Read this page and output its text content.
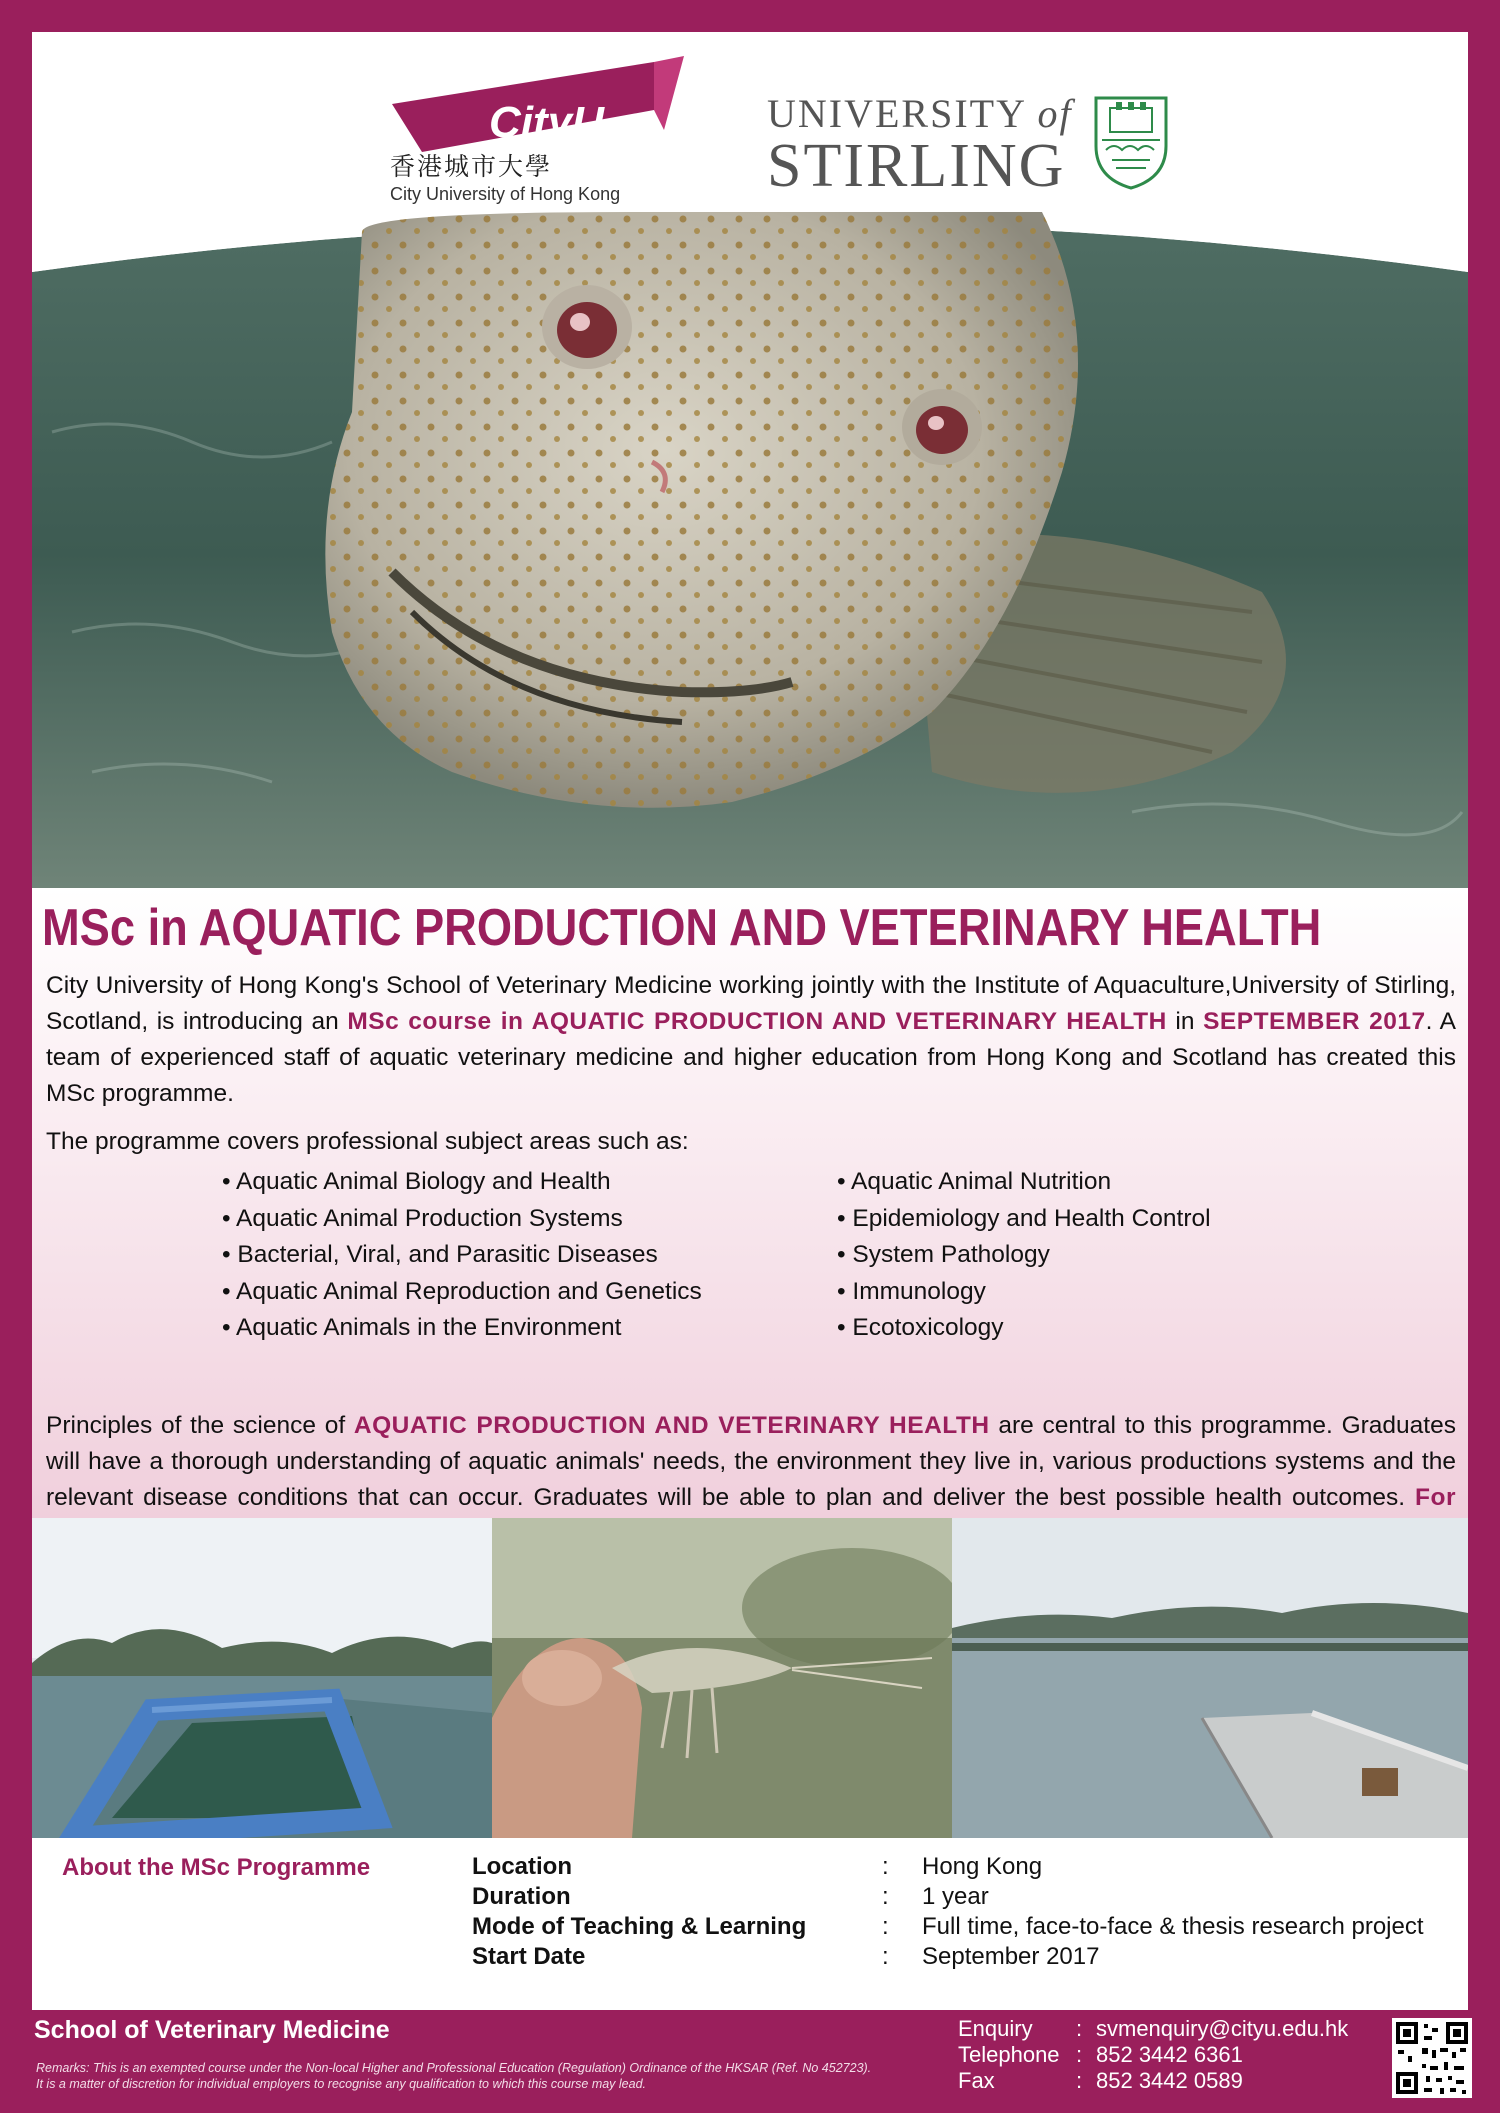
CityU
香港城市大學
City University of Hong Kong
UNIVERSITY of
STIRLING
MSc in AQUATIC PRODUCTION AND VETERINARY HEALTH
City University of Hong Kong's School of Veterinary Medicine working jointly with the Institute of Aquaculture,University of Stirling, Scotland, is introducing an MSc course in AQUATIC PRODUCTION AND VETERINARY HEALTH in SEPTEMBER 2017. A team of experienced staff of aquatic veterinary medicine and higher education from Hong Kong and Scotland has created this MSc programme.
The programme covers professional subject areas such as:
• Aquatic Animal Biology and Health
• Aquatic Animal Production Systems
• Bacterial, Viral, and Parasitic Diseases
• Aquatic Animal Reproduction and Genetics
• Aquatic Animals in the Environment
• Aquatic Animal Nutrition
• Epidemiology and Health Control
• System Pathology
• Immunology
• Ecotoxicology
Principles of the science of AQUATIC PRODUCTION AND VETERINARY HEALTH are central to this programme. Graduates will have a thorough understanding of aquatic animals' needs, the environment they live in, various productions systems and the relevant disease conditions that can occur. Graduates will be able to plan and deliver the best possible health outcomes. For
About the MSc Programme	Location	: Hong Kong
Duration	: 1 year
Mode of Teaching & Learning	: Full time, face-to-face & thesis research project
Start Date	: September 2017
School of Veterinary Medicine
Remarks: This is an exempted course under the Non-local Higher and Professional Education (Regulation) Ordinance of the HKSAR (Ref. No 452723). It is a matter of discretion for individual employers to recognise any qualification to which this course may lead.
Enquiry : svmenquiry@cityu.edu.hk
Telephone : 852 3442 6361
Fax	: 852 3442 0589
